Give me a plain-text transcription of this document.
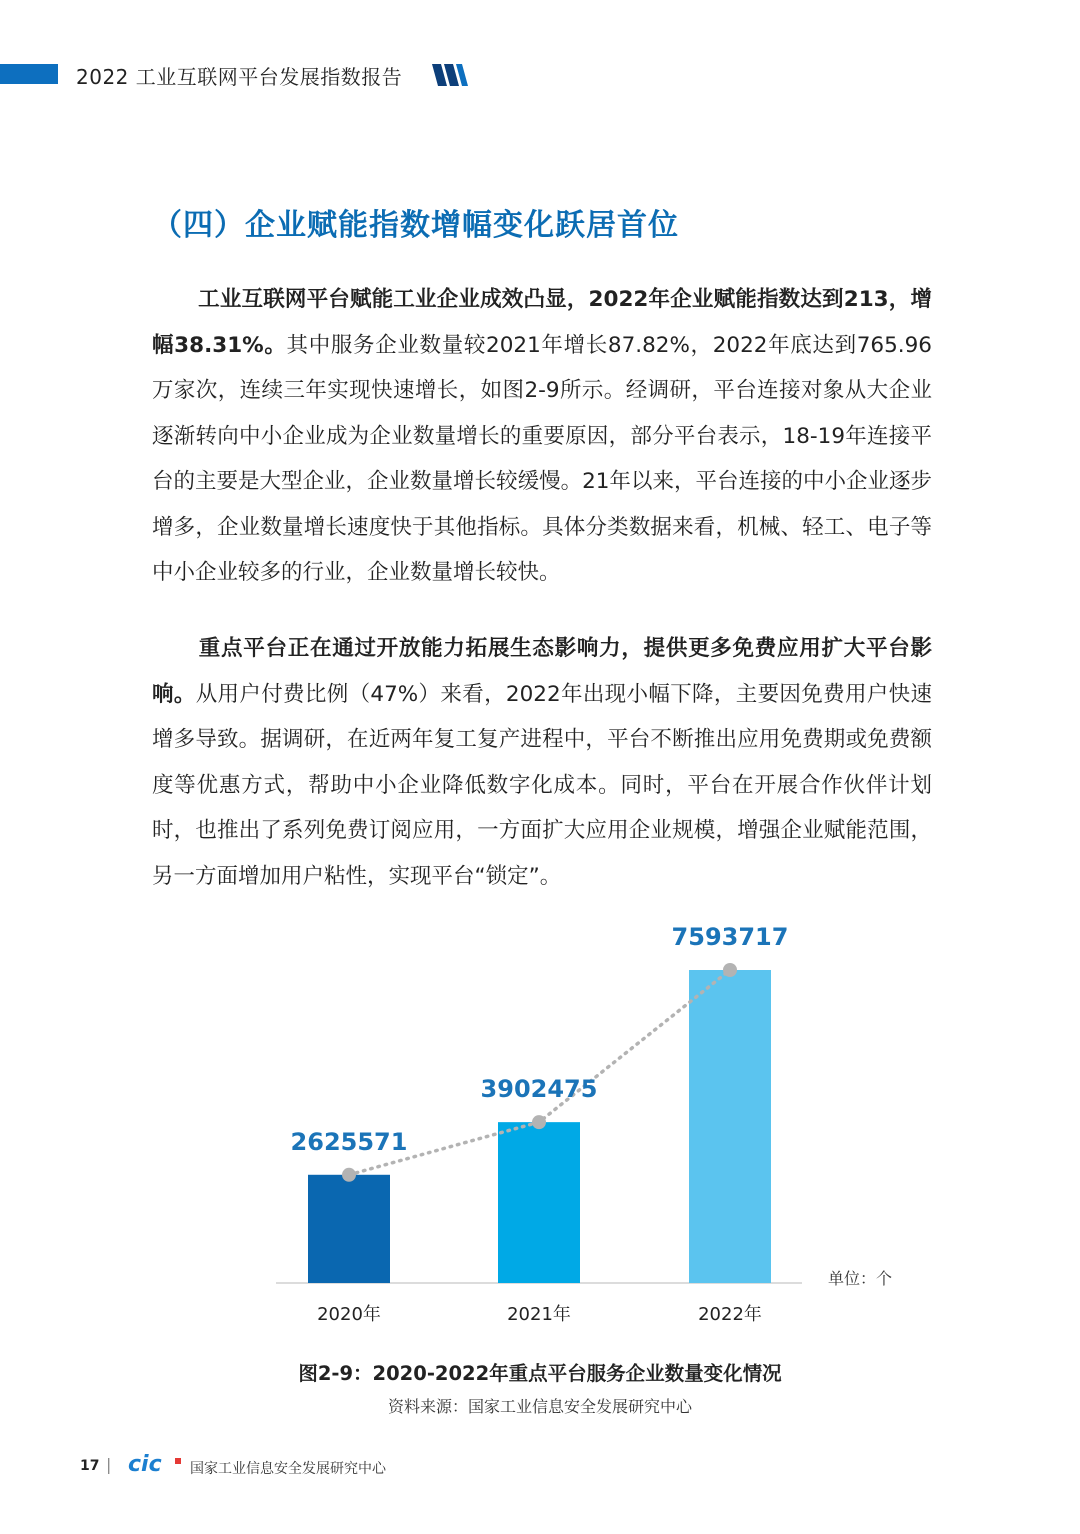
2022 工业互联网平台发展指数报告
（四）企业赋能指数增幅变化跃居首位
工业互联网平台赋能工业企业成效凸显，2022年企业赋能指数达到213，增幅38.31%。其中服务企业数量较2021年增长87.82%，2022年底达到765.96万家次，连续三年实现快速增长，如图2-9所示。经调研，平台连接对象从大企业逐渐转向中小企业成为企业数量增长的重要原因，部分平台表示，18-19年连接平台的主要是大型企业，企业数量增长较缓慢。21年以来，平台连接的中小企业逐步增多，企业数量增长速度快于其他指标。具体分类数据来看，机械、轻工、电子等中小企业较多的行业，企业数量增长较快。
重点平台正在通过开放能力拓展生态影响力，提供更多免费应用扩大平台影响。从用户付费比例（47%）来看，2022年出现小幅下降，主要因免费用户快速增多导致。据调研，在近两年复工复产进程中，平台不断推出应用免费期或免费额度等优惠方式，帮助中小企业降低数字化成本。同时，平台在开展合作伙伴计划时，也推出了系列免费订阅应用，一方面扩大应用企业规模，增强企业赋能范围，另一方面增加用户粘性，实现平台“锁定”。
2625571
3902475
7593717
2020年	2021年	2022年
单位：个
图2-9：2020-2022年重点平台服务企业数量变化情况
资料来源：国家工业信息安全发展研究中心
17 | cic 国家工业信息安全发展研究中心
